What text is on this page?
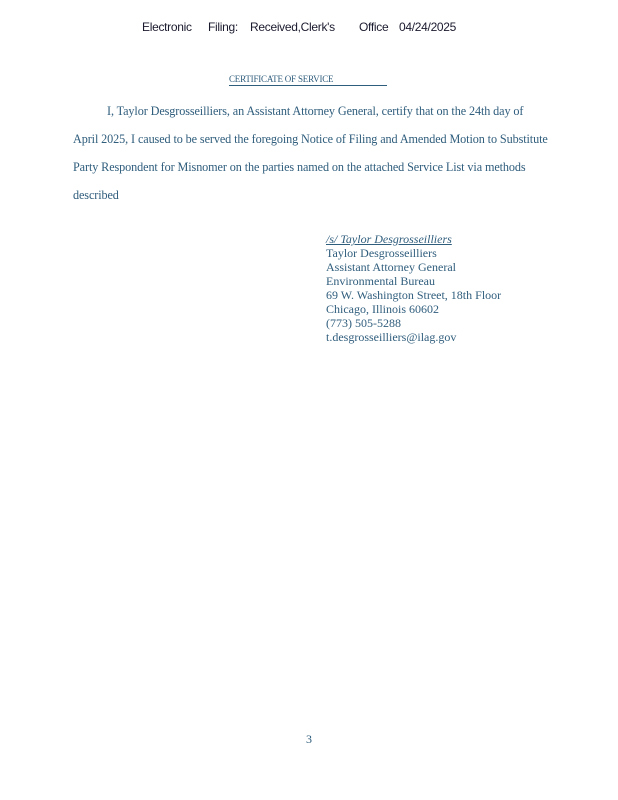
Electronic Filing: Received,Clerk's Office 04/24/2025
CERTIFICATE OF SERVICE
I, Taylor Desgrosseilliers, an Assistant Attorney General, certify that on the 24th day of
April 2025, I caused to be served the foregoing Notice of Filing and Amended Motion to Substitute
Party Respondent for Misnomer on the parties named on the attached Service List via methods
described
/s/ Taylor Desgrosseilliers
Taylor Desgrosseilliers
Assistant Attorney General
Environmental Bureau
69 W. Washington Street, 18th Floor
Chicago, Illinois 60602
(773) 505-5288
t.desgrosseilliers@ilag.gov
3
